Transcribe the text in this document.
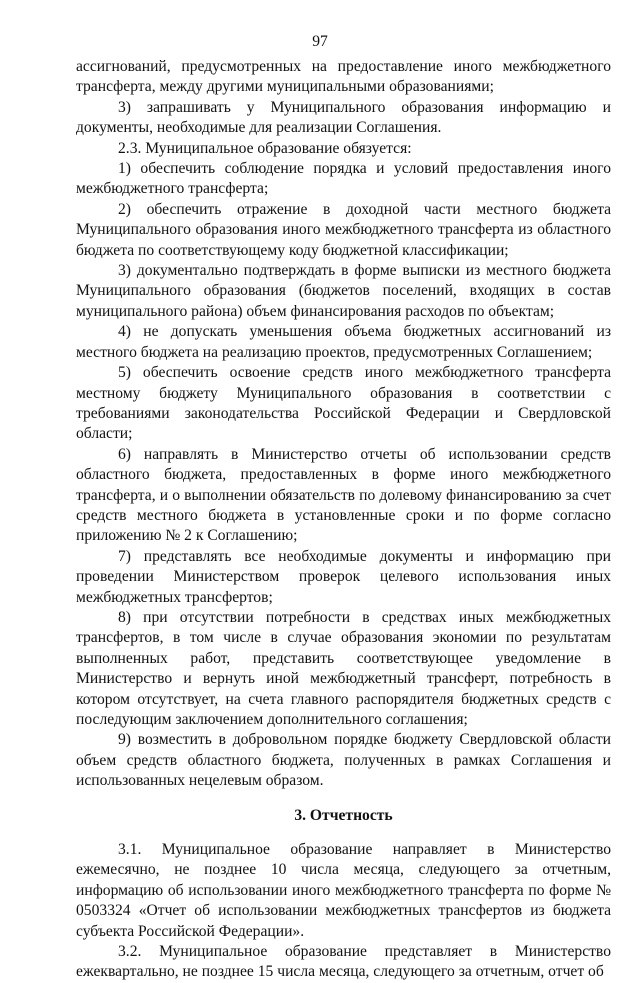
97

ассигнований, предусмотренных на предоставление иного межбюджетного трансферта, между другими муниципальными образованиями;

3) запрашивать у Муниципального образования информацию и документы, необходимые для реализации Соглашения.

2.3. Муниципальное образование обязуется:

1) обеспечить соблюдение порядка и условий предоставления иного межбюджетного трансферта;

2) обеспечить отражение в доходной части местного бюджета Муниципального образования иного межбюджетного трансферта из областного бюджета по соответствующему коду бюджетной классификации;

3) документально подтверждать в форме выписки из местного бюджета Муниципального образования (бюджетов поселений, входящих в состав муниципального района) объем финансирования расходов по объектам;

4) не допускать уменьшения объема бюджетных ассигнований из местного бюджета на реализацию проектов, предусмотренных Соглашением;

5) обеспечить освоение средств иного межбюджетного трансферта местному бюджету Муниципального образования в соответствии с требованиями законодательства Российской Федерации и Свердловской области;

6) направлять в Министерство отчеты об использовании средств областного бюджета, предоставленных в форме иного межбюджетного трансферта, и о выполнении обязательств по долевому финансированию за счет средств местного бюджета в установленные сроки и по форме согласно приложению № 2 к Соглашению;

7) представлять все необходимые документы и информацию при проведении Министерством проверок целевого использования иных межбюджетных трансфертов;

8) при отсутствии потребности в средствах иных межбюджетных трансфертов, в том числе в случае образования экономии по результатам выполненных работ, представить соответствующее уведомление в Министерство и вернуть иной межбюджетный трансферт, потребность в котором отсутствует, на счета главного распорядителя бюджетных средств с последующим заключением дополнительного соглашения;

9) возместить в добровольном порядке бюджету Свердловской области объем средств областного бюджета, полученных в рамках Соглашения и использованных нецелевым образом.

3. Отчетность

3.1. Муниципальное образование направляет в Министерство ежемесячно, не позднее 10 числа месяца, следующего за отчетным, информацию об использовании иного межбюджетного трансферта по форме № 0503324 «Отчет об использовании межбюджетных трансфертов из бюджета субъекта Российской Федерации».

3.2. Муниципальное образование представляет в Министерство ежеквартально, не позднее 15 числа месяца, следующего за отчетным, отчет об
